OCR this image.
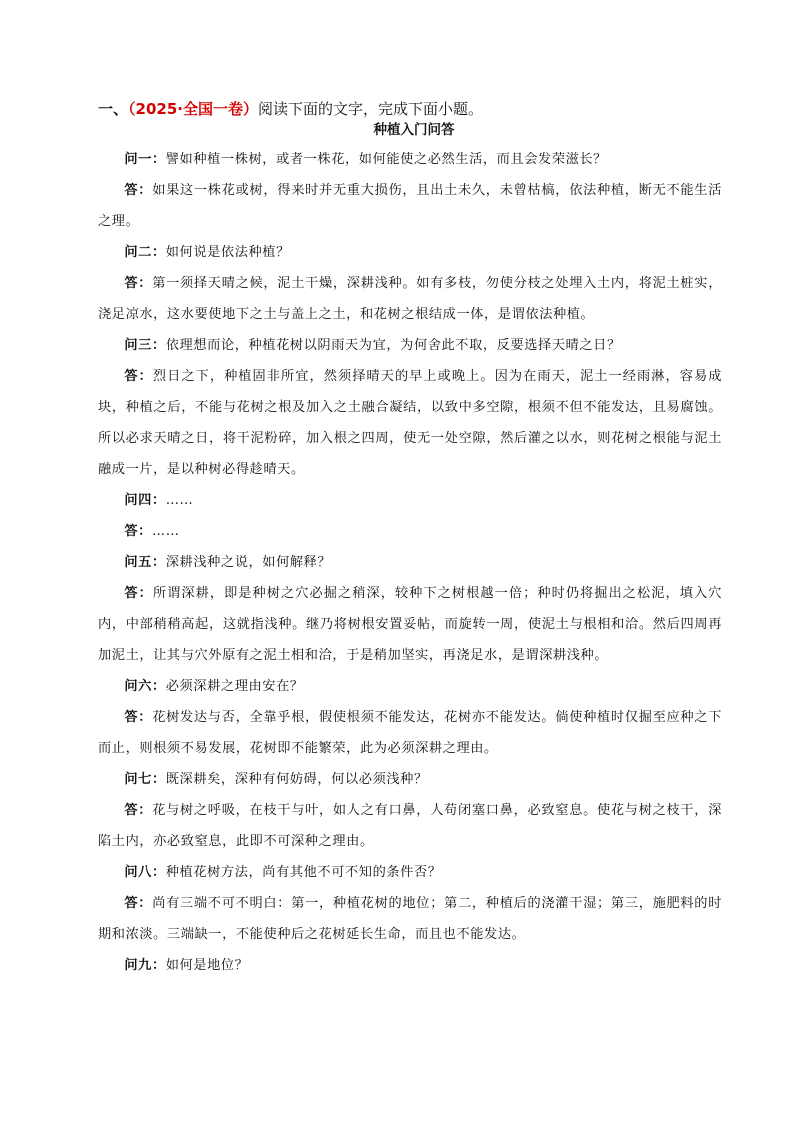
一、（2025·全国一卷）阅读下面的文字，完成下面小题。
种植入门问答

问一：譬如种植一株树，或者一株花，如何能使之必然生活，而且会发荣滋长？

答：如果这一株花或树，得来时并无重大损伤，且出土未久，未曾枯槁，依法种植，断无不能生活之理。

问二：如何说是依法种植？

答：第一须择天晴之候，泥土干燥，深耕浅种。如有多枝，勿使分枝之处埋入土内，将泥土桩实，浇足凉水，这水要使地下之土与盖上之土，和花树之根结成一体，是谓依法种植。

问三：依理想而论，种植花树以阴雨天为宜，为何舍此不取，反要选择天晴之日？

答：烈日之下，种植固非所宜，然须择晴天的早上或晚上。因为在雨天，泥土一经雨淋，容易成块，种植之后，不能与花树之根及加入之土融合凝结，以致中多空隙，根须不但不能发达，且易腐蚀。所以必求天晴之日，将干泥粉碎，加入根之四周，使无一处空隙，然后灌之以水，则花树之根能与泥土融成一片，是以种树必得趁晴天。

问四：……

答：……

问五：深耕浅种之说，如何解释？

答：所谓深耕，即是种树之穴必掘之稍深，较种下之树根越一倍；种时仍将掘出之松泥，填入穴内，中部稍稍高起，这就指浅种。继乃将树根安置妥帖，而旋转一周，使泥土与根相和洽。然后四周再加泥土，让其与穴外原有之泥土相和洽，于是稍加坚实，再浇足水，是谓深耕浅种。

问六：必须深耕之理由安在？

答：花树发达与否，全靠乎根，假使根须不能发达，花树亦不能发达。倘使种植时仅掘至应种之下而止，则根须不易发展，花树即不能繁荣，此为必须深耕之理由。

问七：既深耕矣，深种有何妨碍，何以必须浅种？

答：花与树之呼吸，在枝干与叶，如人之有口鼻，人苟闭塞口鼻，必致窒息。使花与树之枝干，深陷土内，亦必致窒息，此即不可深种之理由。

问八：种植花树方法，尚有其他不可不知的条件否？

答：尚有三端不可不明白：第一，种植花树的地位；第二，种植后的浇灌干湿；第三，施肥料的时期和浓淡。三端缺一，不能使种后之花树延长生命，而且也不能发达。

问九：如何是地位？
